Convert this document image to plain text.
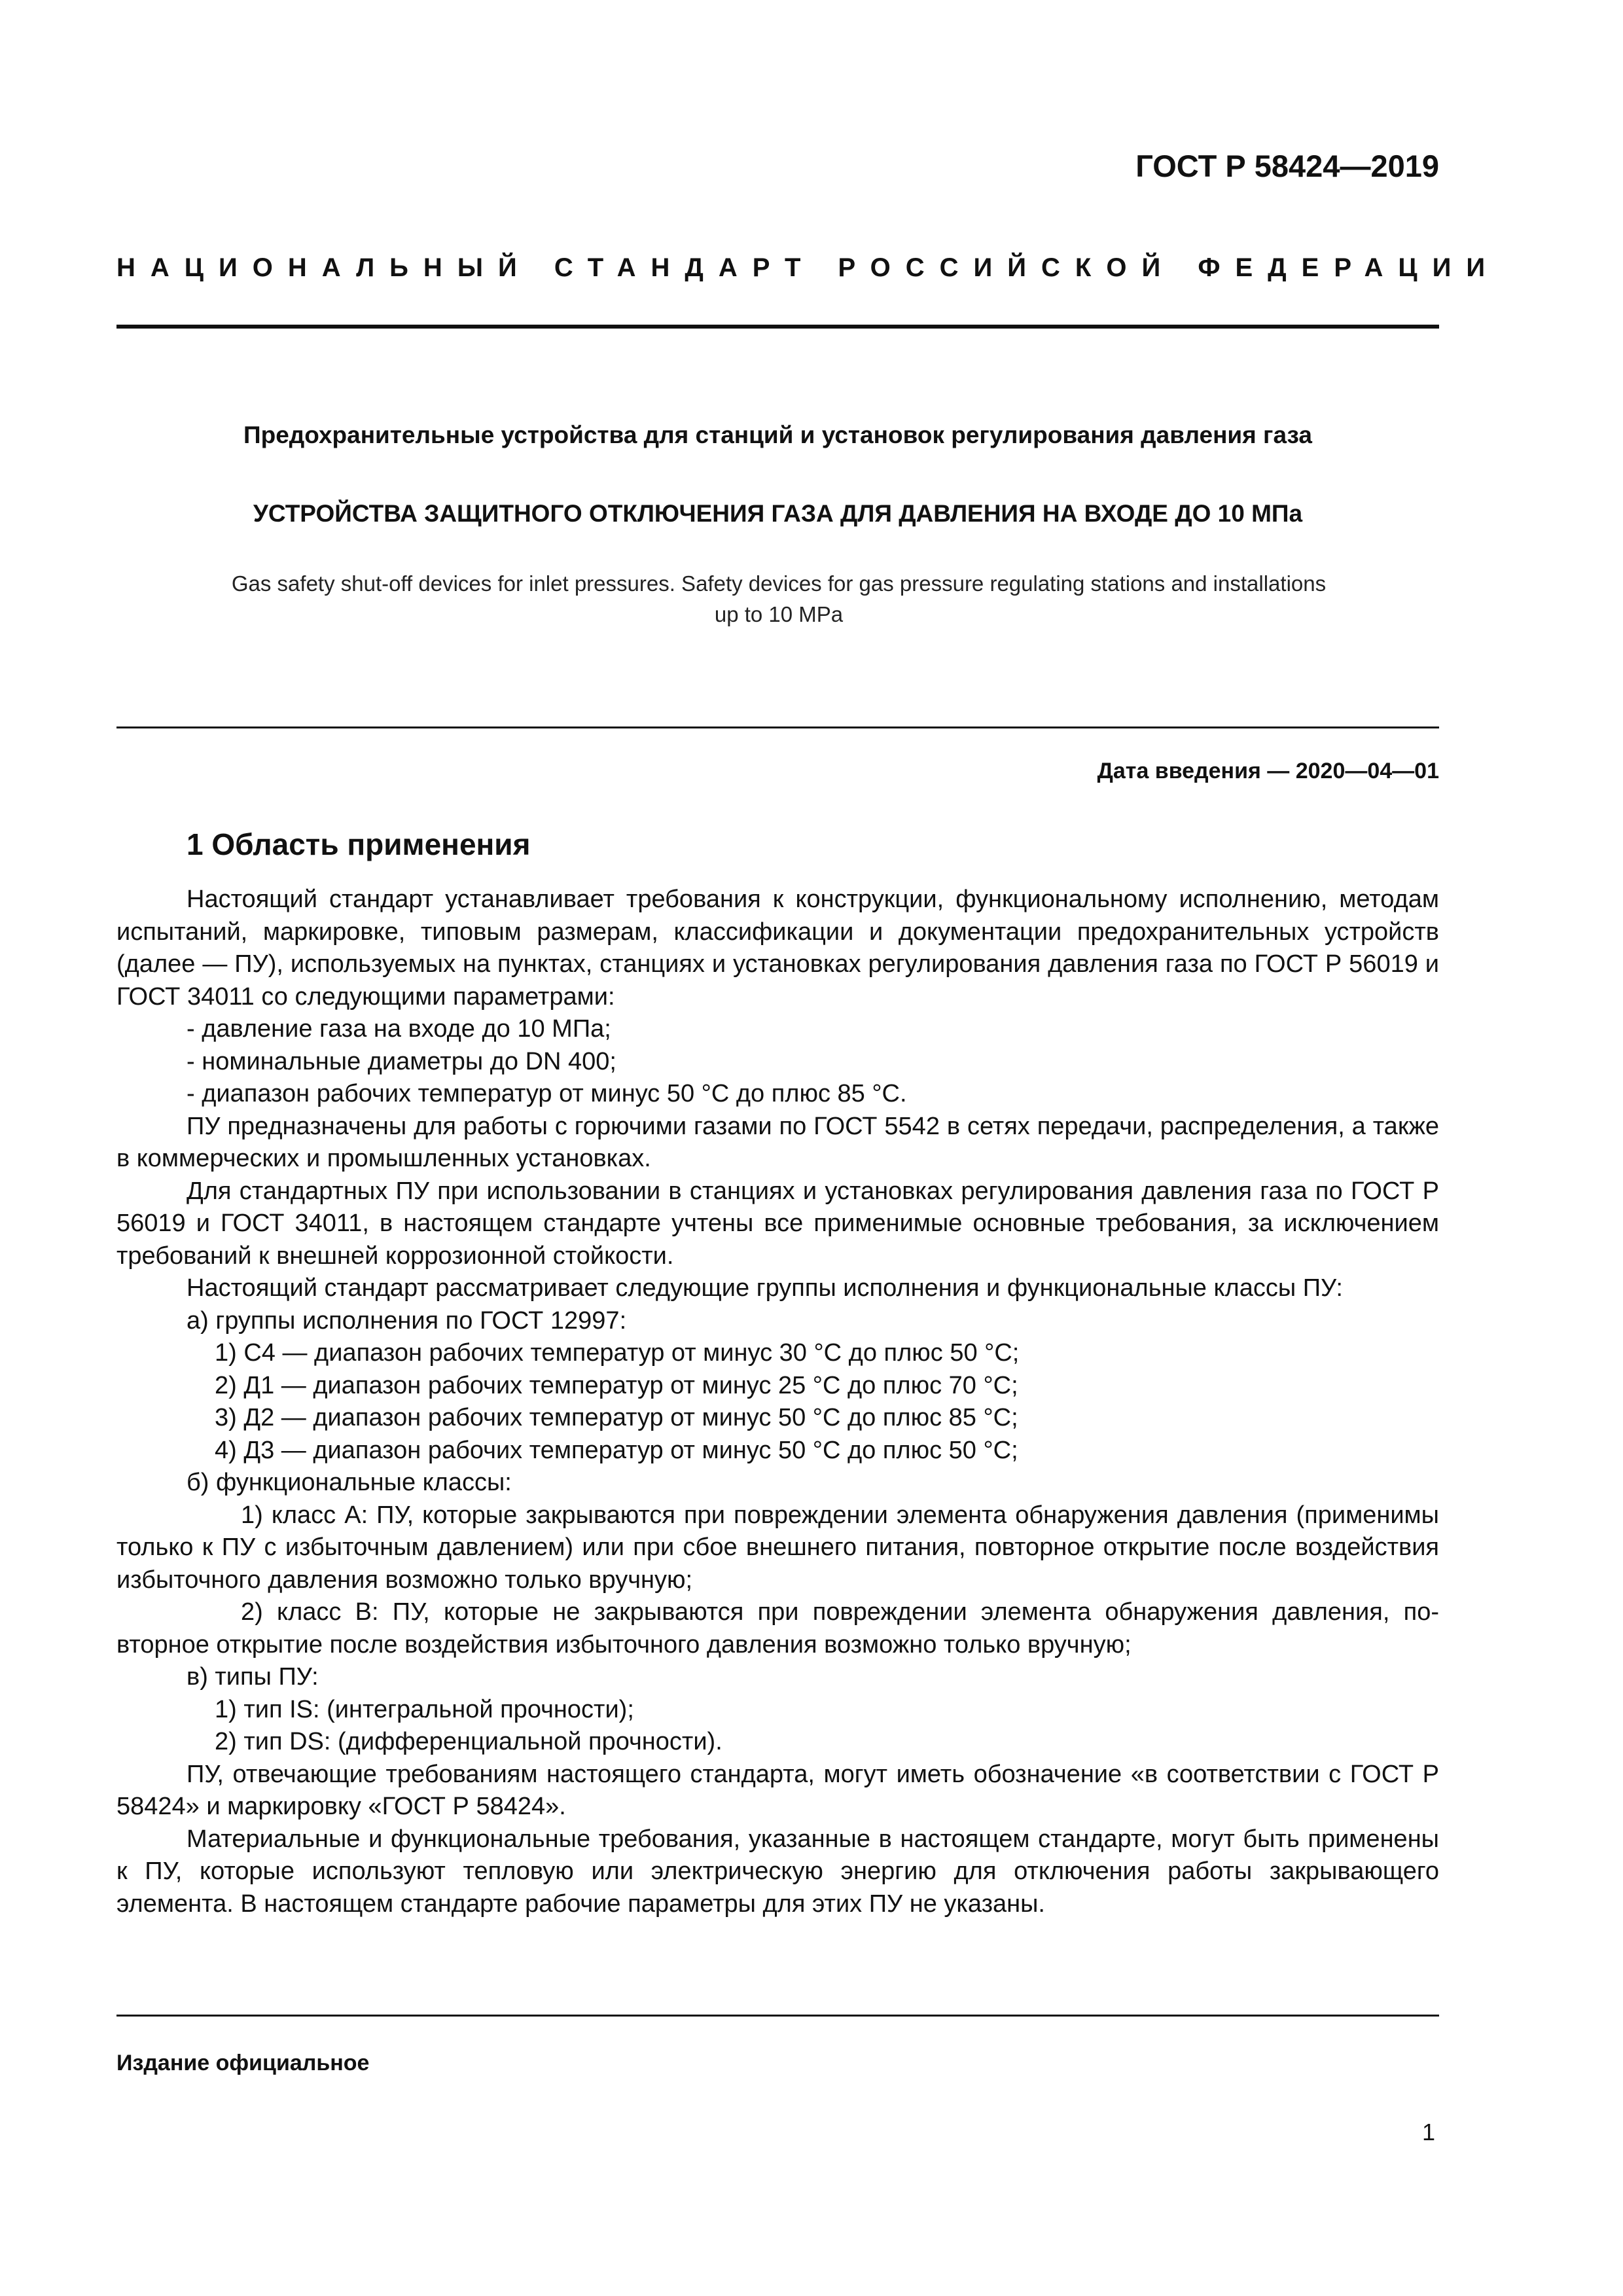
ГОСТ Р 58424—2019
НАЦИОНАЛЬНЫЙ СТАНДАРТ РОССИЙСКОЙ ФЕДЕРАЦИИ
Предохранительные устройства для станций и установок регулирования давления газа
УСТРОЙСТВА ЗАЩИТНОГО ОТКЛЮЧЕНИЯ ГАЗА ДЛЯ ДАВЛЕНИЯ НА ВХОДЕ ДО 10 МПа
Gas safety shut-off devices for inlet pressures. Safety devices for gas pressure regulating stations and installations
up to 10 MPa
Дата введения — 2020—04—01
1 Область применения

Настоящий стандарт устанавливает требования к конструкции, функциональному исполнению, методам испытаний, маркировке, типовым размерам, классификации и документации предохранительных устройств (далее — ПУ), используемых на пунктах, станциях и установках регулирования давления газа по ГОСТ Р 56019 и ГОСТ 34011 со следующими параметрами:

- давление газа на входе до 10 МПа;

- номинальные диаметры до DN 400;

- диапазон рабочих температур от минус 50 °С до плюс 85 °С.

ПУ предназначены для работы с горючими газами по ГОСТ 5542 в сетях передачи, распределения, а также в коммерческих и промышленных установках.

Для стандартных ПУ при использовании в станциях и установках регулирования давления газа по ГОСТ Р 56019 и ГОСТ 34011, в настоящем стандарте учтены все применимые основные требования, за исключением требований к внешней коррозионной стойкости.

Настоящий стандарт рассматривает следующие группы исполнения и функциональные классы ПУ:

а) группы исполнения по ГОСТ 12997:

1) С4 — диапазон рабочих температур от минус 30 °С до плюс 50 °С;

2) Д1 — диапазон рабочих температур от минус 25 °С до плюс 70 °С;

3) Д2 — диапазон рабочих температур от минус 50 °С до плюс 85 °С;

4) Д3 — диапазон рабочих температур от минус 50 °С до плюс 50 °С;

б) функциональные классы:

1) класс А: ПУ, которые закрываются при повреждении элемента обнаружения давления (применимы только к ПУ с избыточным давлением) или при сбое внешнего питания, повторное открытие после воздействия избыточного давления возможно только вручную;

2) класс В: ПУ, которые не закрываются при повреждении элемента обнаружения давления, повторное открытие после воздействия избыточного давления возможно только вручную;

в) типы ПУ:

1) тип IS: (интегральной прочности);

2) тип DS: (дифференциальной прочности).

ПУ, отвечающие требованиям настоящего стандарта, могут иметь обозначение «в соответствии с ГОСТ Р 58424» и маркировку «ГОСТ Р 58424».

Материальные и функциональные требования, указанные в настоящем стандарте, могут быть применены к ПУ, которые используют тепловую или электрическую энергию для отключения работы закрывающего элемента. В настоящем стандарте рабочие параметры для этих ПУ не указаны.

Издание официальное
1
